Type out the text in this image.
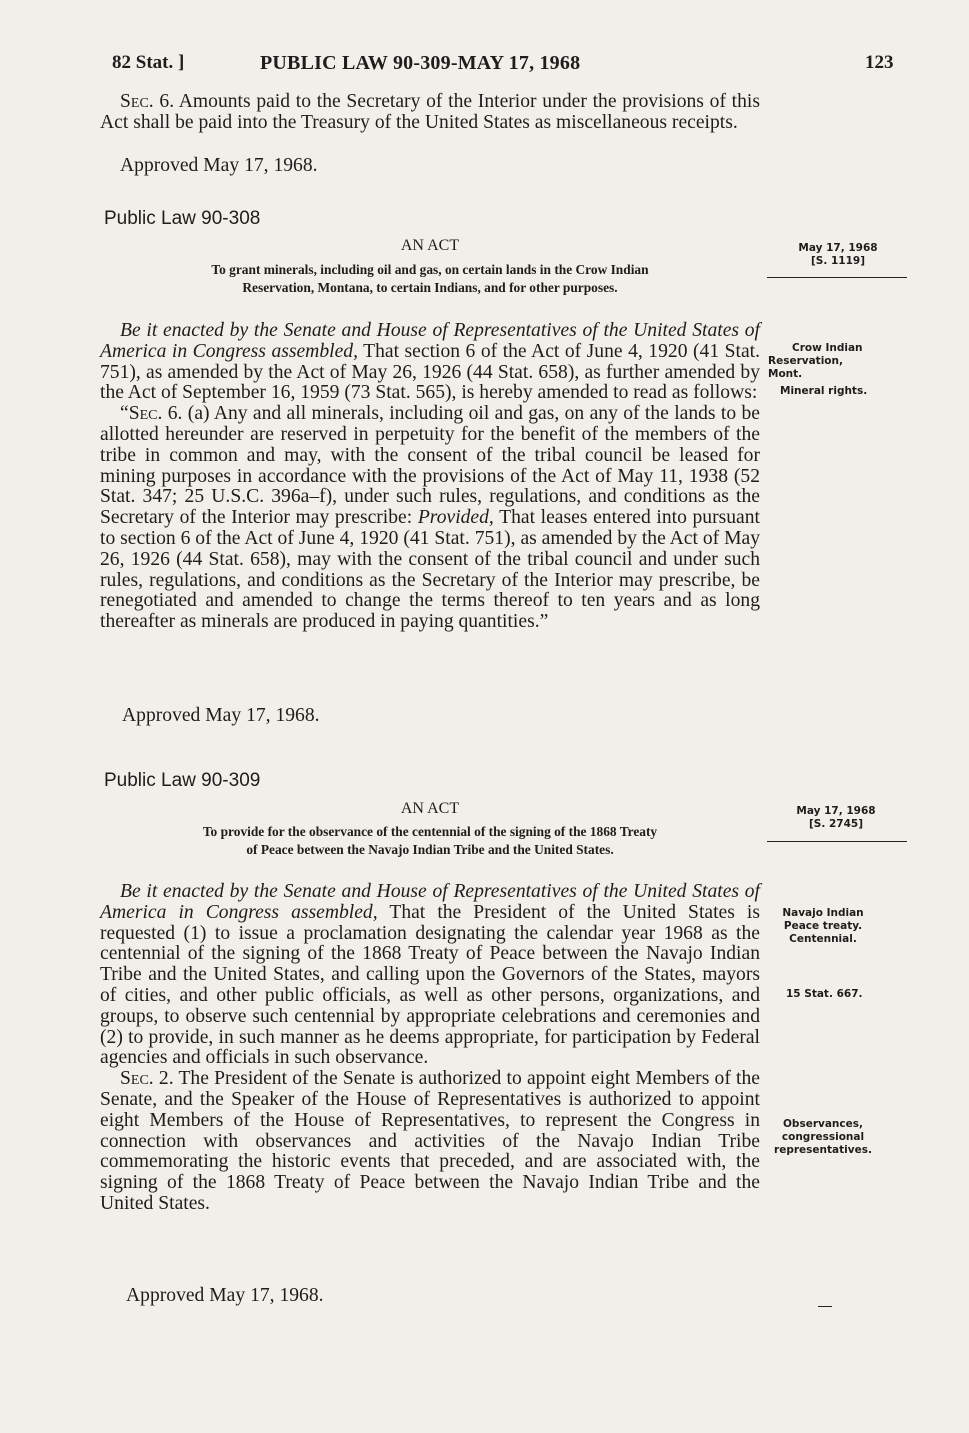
82 Stat. ]	PUBLIC LAW 90-309-MAY 17, 1968	123

Sec. 6. Amounts paid to the Secretary of the Interior under the provisions of this Act shall be paid into the Treasury of the United States as miscellaneous receipts.

Approved May 17, 1968.
Public Law 90-308
AN ACT
To grant minerals, including oil and gas, on certain lands in the Crow Indian
Reservation, Montana, to certain Indians, and for other purposes.
May 17, 1968
[S. 1119]

Be it enacted by the Senate and House of Representatives of the United States of America in Congress assembled, That section 6 of the Act of June 4, 1920 (41 Stat. 751), as amended by the Act of May 26, 1926 (44 Stat. 658), as further amended by the Act of September 16, 1959 (73 Stat. 565), is hereby amended to read as follows:

“Sec. 6. (a) Any and all minerals, including oil and gas, on any of the lands to be allotted hereunder are reserved in perpetuity for the benefit of the members of the tribe in common and may, with the consent of the tribal council be leased for mining purposes in accordance with the provisions of the Act of May 11, 1938 (52 Stat. 347; 25 U.S.C. 396a–f), under such rules, regulations, and conditions as the Secretary of the Interior may prescribe: Provided, That leases entered into pursuant to section 6 of the Act of June 4, 1920 (41 Stat. 751), as amended by the Act of May 26, 1926 (44 Stat. 658), may with the consent of the tribal council and under such rules, regulations, and conditions as the Secretary of the Interior may prescribe, be renegotiated and amended to change the terms thereof to ten years and as long thereafter as minerals are produced in paying quantities.”

Approved May 17, 1968.
Crow Indian
Reservation,
Mont.
Mineral rights.
Public Law 90-309
AN ACT
To provide for the observance of the centennial of the signing of the 1868 Treaty
of Peace between the Navajo Indian Tribe and the United States.
May 17, 1968
[S. 2745]

Be it enacted by the Senate and House of Representatives of the United States of America in Congress assembled, That the President of the United States is requested (1) to issue a proclamation designating the calendar year 1968 as the centennial of the signing of the 1868 Treaty of Peace between the Navajo Indian Tribe and the United States, and calling upon the Governors of the States, mayors of cities, and other public officials, as well as other persons, organizations, and groups, to observe such centennial by appropriate celebrations and ceremonies and (2) to provide, in such manner as he deems appropriate, for participation by Federal agencies and officials in such observance.

Sec. 2. The President of the Senate is authorized to appoint eight Members of the Senate, and the Speaker of the House of Representatives is authorized to appoint eight Members of the House of Representatives, to represent the Congress in connection with observances and activities of the Navajo Indian Tribe commemorating the historic events that preceded, and are associated with, the signing of the 1868 Treaty of Peace between the Navajo Indian Tribe and the United States.

Approved May 17, 1968.
Navajo Indian
Peace treaty.
Centennial.
15 Stat. 667.
Observances,
congressional
representatives.
